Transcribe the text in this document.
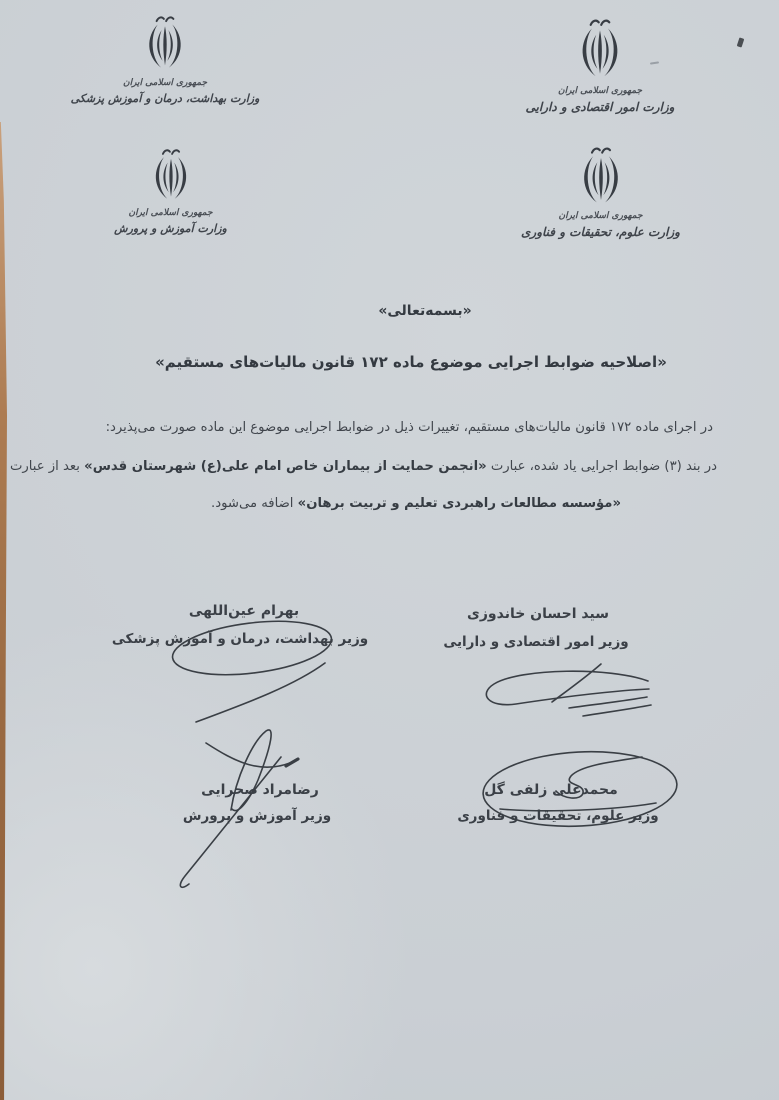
جمهوری اسلامی ایران
وزارت بهداشت، درمان و آموزش پزشکی
جمهوری اسلامی ایران
وزارت امور اقتصادی و دارایی
جمهوری اسلامی ایران
وزارت آموزش و پرورش
جمهوری اسلامی ایران
وزارت علوم، تحقیقات و فناوری
«بسمه‌تعالی»
«اصلاحیه ضوابط اجرایی موضوع ماده ۱۷۲ قانون مالیات‌های مستقیم»
در اجرای ماده ۱۷۲ قانون مالیات‌های مستقیم، تغییرات ذیل در ضوابط اجرایی موضوع این ماده صورت می‌پذیرد:
در بند (۳) ضوابط اجرایی یاد شده، عبارت «انجمن حمایت از بیماران خاص امام علی(ع) شهرستان قدس» بعد از عبارت
«مؤسسه مطالعات راهبردی تعلیم و تربیت برهان» اضافه می‌شود.
سید احسان خاندوزی
وزیر امور اقتصادی و دارایی
بهرام عین‌اللهی
وزیر بهداشت، درمان و آموزش پزشکی
محمدعلی زلفی گل
وزیر علوم، تحقیقات و فناوری
رضامراد صحرایی
وزیر آموزش و پرورش
